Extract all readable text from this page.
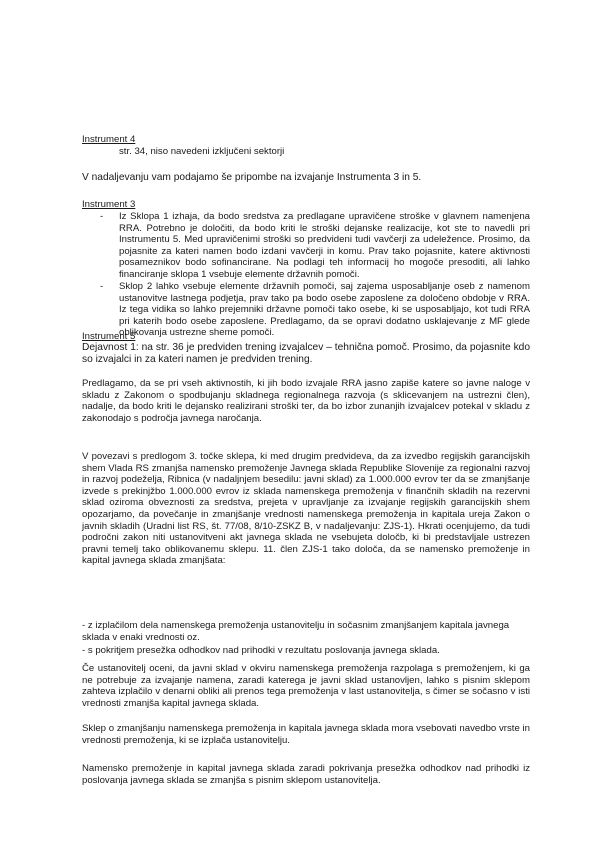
Instrument 4
str. 34, niso navedeni izključeni sektorji
V nadaljevanju vam podajamo še pripombe na izvajanje Instrumenta 3 in 5.
Instrument 3
- Iz Sklopa 1 izhaja, da bodo sredstva za predlagane upravičene stroške v glavnem namenjena RRA. Potrebno je določiti, da bodo kriti le stroški dejanske realizacije, kot ste to navedli pri Instrumentu 5. Med upravičenimi stroški so predvideni tudi vavčerji za udeležence. Prosimo, da pojasnite za kateri namen bodo izdani vavčerji in komu. Prav tako pojasnite, katere aktivnosti posameznikov bodo sofinancirane. Na podlagi teh informacij ho mogoče presoditi, ali lahko financiranje sklopa 1 vsebuje elemente državnih pomoči.
- Sklop 2 lahko vsebuje elemente državnih pomoči, saj zajema usposabljanje oseb z namenom ustanovitve lastnega podjetja, prav tako pa bodo osebe zaposlene za določeno obdobje v RRA. Iz tega vidika so lahko prejemniki državne pomoči tako osebe, ki se usposabljajo, kot tudi RRA pri katerih bodo osebe zaposlene. Predlagamo, da se opravi dodatno usklajevanje z MF glede oblikovanja ustrezne sheme pomoči.
Instrument 5
Dejavnost 1: na str. 36 je predviden trening izvajalcev – tehnična pomoč. Prosimo, da pojasnite kdo so izvajalci in za kateri namen je predviden trening.
Predlagamo, da se pri vseh aktivnostih, ki jih bodo izvajale RRA jasno zapiše katere so javne naloge v skladu z Zakonom o spodbujanju skladnega regionalnega razvoja (s sklicevanjem na ustrezni člen), nadalje, da bodo kriti le dejansko realizirani stroški ter, da bo izbor zunanjih izvajalcev potekal v skladu z zakonodajo s področja javnega naročanja.
V povezavi s predlogom 3. točke sklepa, ki med drugim predvideva, da za izvedbo regijskih garancijskih shem Vlada RS zmanjša namensko premoženje Javnega sklada Republike Slovenije za regionalni razvoj in razvoj podeželja, Ribnica (v nadaljnjem besedilu: javni sklad) za 1.000.000 evrov ter da se zmanjšanje izvede s prekinjžbo 1.000.000 evrov iz sklada namenskega premoženja v finančnih skladih na rezervni sklad oziroma obveznosti za sredstva, prejeta v upravljanje za izvajanje regijskih garancijskih shem opozarjamo, da povečanje in zmanjšanje vrednosti namenskega premoženja in kapitala ureja Zakon o javnih skladih (Uradni list RS, št. 77/08, 8/10-ZSKZ B, v nadaljevanju: ZJS-1). Hkrati ocenjujemo, da tudi področni zakon niti ustanovitveni akt javnega sklada ne vsebujeta določb, ki bi predstavljale ustrezen pravni temelj tako oblikovanemu sklepu. 11. člen ZJS-1 tako določa, da se namensko premoženje in kapital javnega sklada zmanjšata:
- z izplačilom dela namenskega premoženja ustanovitelju in sočasnim zmanjšanjem kapitala javnega sklada v enaki vrednosti oz.
- s pokritjem presežka odhodkov nad prihodki v rezultatu poslovanja javnega sklada.
Če ustanovitelj oceni, da javni sklad v okviru namenskega premoženja razpolaga s premoženjem, ki ga ne potrebuje za izvajanje namena, zaradi katerega je javni sklad ustanovljen, lahko s pisnim sklepom zahteva izplačilo v denarni obliki ali prenos tega premoženja v last ustanovitelja, s čimer se sočasno v isti vrednosti zmanjša kapital javnega sklada.
Sklep o zmanjšanju namenskega premoženja in kapitala javnega sklada mora vsebovati navedbo vrste in vrednosti premoženja, ki se izplača ustanovitelju.
Namensko premoženje in kapital javnega sklada zaradi pokrivanja presežka odhodkov nad prihodki iz poslovanja javnega sklada se zmanjša s pisnim sklepom ustanovitelja.
